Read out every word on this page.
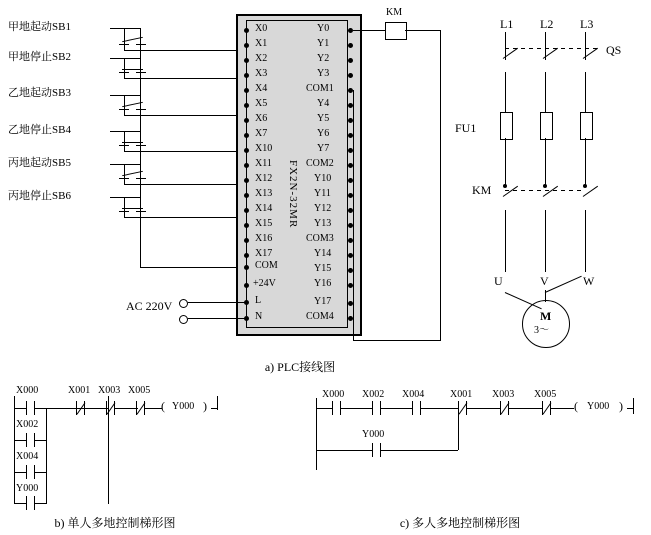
甲地起动SB1
甲地停止SB2
乙地起动SB3
乙地停止SB4
丙地起动SB5
丙地停止SB6	FX2N-32MR
X0
X1
X2
X3
X4
X5
X6
X7
X10
X11
X12
X13
X14
X15
X16
X17
COM
+24V
L
N
Y0
Y1
Y2
Y3
COM1
Y4
Y5
Y6
Y7
COM2
Y10
Y11
Y12
Y13
COM3
Y14
Y15
Y16
Y17
COM4
KM
AC 220V
L1 L2 L3
QS
FU1
KM
U	V	W
M
3～
a) PLC接线图
X000
X002
X004
Y000
X001 X003 X005
Y000
(	)
b) 单人多地控制梯形图
X000 X002 X004	X001 X003 X005
Y000
(	)
Y000
c) 多人多地控制梯形图
